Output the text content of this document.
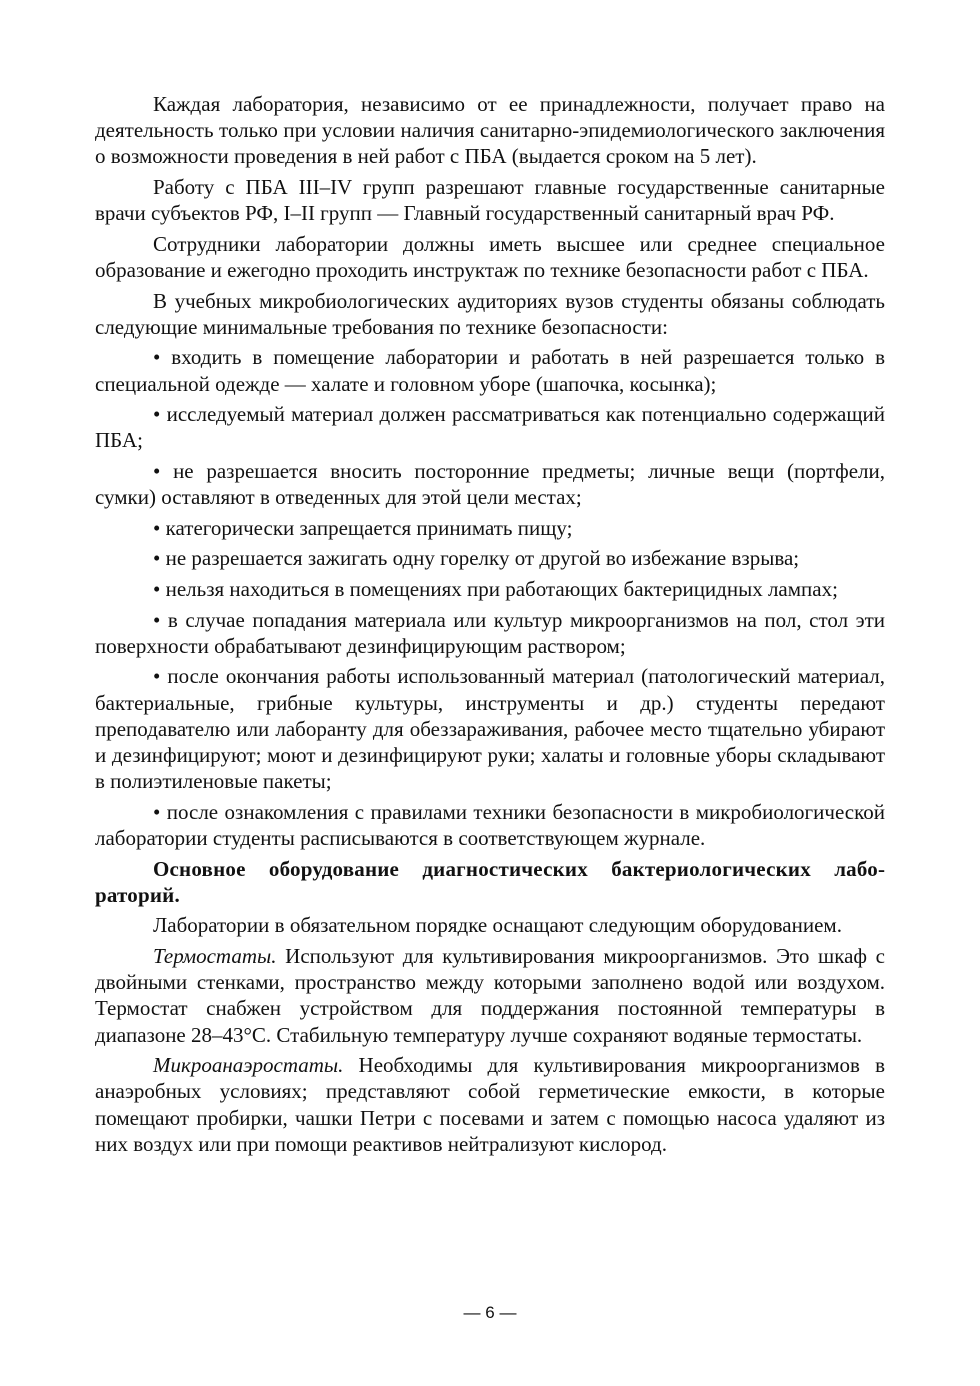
Каждая лаборатория, независимо от ее принадлежности, получает право на деятельность только при условии наличия санитарно-эпидемиологического заключения о возможности проведения в ней работ с ПБА (выдается сроком на 5 лет).

Работу с ПБА III–IV групп разрешают главные государственные санитарные врачи субъектов РФ, I–II групп — Главный государственный санитарный врач РФ.

Сотрудники лаборатории должны иметь высшее или среднее специальное образование и ежегодно проходить инструктаж по технике безопасности работ с ПБА.

В учебных микробиологических аудиториях вузов студенты обязаны соблюдать следующие минимальные требования по технике безопасности:

• входить в помещение лаборатории и работать в ней разрешается только в специальной одежде — халате и головном уборе (шапочка, косынка);

• исследуемый материал должен рассматриваться как потенциально содержащий ПБА;

• не разрешается вносить посторонние предметы; личные вещи (портфели, сумки) оставляют в отведенных для этой цели местах;

• категорически запрещается принимать пищу;

• не разрешается зажигать одну горелку от другой во избежание взрыва;

• нельзя находиться в помещениях при работающих бактерицидных лампах;

• в случае попадания материала или культур микроорганизмов на пол, стол эти поверхности обрабатывают дезинфицирующим раствором;

• после окончания работы использованный материал (патологический материал, бактериальные, грибные культуры, инструменты и др.) студенты передают преподавателю или лаборанту для обеззараживания, рабочее место тщательно убирают и дезинфицируют; моют и дезинфицируют руки; халаты и головные уборы складывают в полиэтиленовые пакеты;

• после ознакомления с правилами техники безопасности в микробиологической лаборатории студенты расписываются в соответствующем журнале.

Основное оборудование диагностических бактериологических лабораторий.

Лаборатории в обязательном порядке оснащают следующим оборудованием.

Термостаты. Используют для культивирования микроорганизмов. Это шкаф с двойными стенками, пространство между которыми заполнено водой или воздухом. Термостат снабжен устройством для поддержания постоянной температуры в диапазоне 28–43°С. Стабильную температуру лучше сохраняют водяные термостаты.

Микроанаэростаты. Необходимы для культивирования микроорганизмов в анаэробных условиях; представляют собой герметические емкости, в которые помещают пробирки, чашки Петри с посевами и затем с помощью насоса удаляют из них воздух или при помощи реактивов нейтрализуют кислород.

— 6 —
